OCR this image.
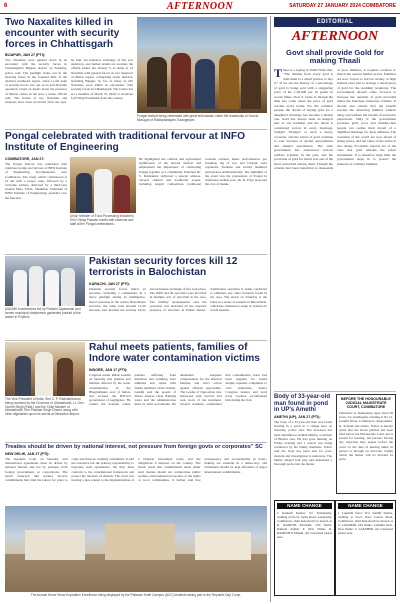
6	AFTERNOON	SATURDAY 27 JANUARY 2024 COIMBATORE
Two Naxalites killed in encounter with security forces in Chhattisgarh
BIJAPUR, JAN 27 (PTI):
Two Naxalites were gunned down in an encounter with the security forces in Chhattisgarh's Bijapur district on Saturday, police said. The gunfight broke out in the morning hours in the forested hills of the district's southwest region, when a joint team of security forces was out on an anti-Naxalite operation, based on inputs about the presence of Maoist cadres in the area, a senior official said. The bodies of two Naxalites and weapons have been recovered from the spot, he said. An intensive exchange of fire was underway, and further details are awaited, the official added. On January 3, as many as 14 Naxalites with general forces on two instances of Bastar region, comprising seven districts, including Bijapur. So far, as many as 245 Naxalites were killed in encounters with security forces in Chhattisgarh. The Centre has set a deadline of March 31, 2026, to eradicate Left Wing Extremism from the country.
Pongal festival being celebrated with great enthusiasm under the leadership of Sooluri Murugan of Rakkiyaalayam, Kaangeyam.
Pongal celebrated with traditional fervour at INFO Institute of Engineering
COIMBATORE, JAN 27:
The Pongal festival was celebrated with traditional pomp and fervour at INFO Institute of Engineering, Kovilpalayam, near Coimbatore. The event, which commenced at 10 am with a prayer song, followed by a welcome address delivered by a third-year student Miss. S.B.K. Shanthini, Chairman of INFO Institute of Engineering, presided over the function.
Union Minister of Food Processing Industries, Shri Chirag Paswan meets with students and staff at the Pongal celebrations.
He highlighted the cultural and agricultural significance of the harvest festival and emphasized the importance of celebrating Pongal together as a community. Principal Dr. S. Ravikumar delivered a special address. Several cultural and traditional events, including rangoli competition, traditional costume contests, music performances, pot breaking, tug of war, and Uriyadi, were organized. Students and faculty members participated enthusiastically. The highlight of the event was the preparation of Pongal in traditional earthen pots. Dr. R. Priya proposed the vote of thanks.
AIADMK functionaries led by Pollachi Jayaraman and former municipal chairperson garlanded portrait of the leader in Pollachi.
Pakistan security forces kill 12 terrorists in Balochistan
KARACHI, JAN 27 (PTI):
Pakistani security forces killed 12 terrorists, including a commander, in a fierce gunfight during an intelligence-based operation in the restive Balochistan province, the army said. Around 15-20 terrorists had attacked the security forces and an intense exchange of fire took place. The ISPR said the terrorists were involved in multiple acts of terrorism in the area. The military spokesperson said the operation was launched on the reported presence of terrorists in Pishin district. Sanitisation operation is being conducted to eliminate any other terrorists found in the area. The attack on Saturday is the latest in a series of assaults in Balochistan, which has witnessed a surge in violence in recent months.
The Vice-President of India, Shri C. P. Radhakrishnan being received by the Governor of Uttarakhand, Lt. Gen. Gurmit Singh (Retd.) and the Chief Minister of Uttarakhand, Shri Pushkar Singh Dhami, along with other dignitaries upon his arrival at Dehradun Airport.
Rahul meets patients, families of Indore water contamination victims
INDORE, JAN 17 (PTI):
Congress leader Rahul Gandhi on Saturday met patients and families affected by the water contamination in the Bhagirathpura area of Indore and accused the BJP-led government of negligence. He visited the hospital where patients suffering from diarrhoea and vomiting were admitted and spoke with family members of the victims. Gandhi said the people of Indore deserve clean drinking water and the administration must be held accountable. He demanded adequate compensation for the affected families and strict action against officials responsible. The Leader of Opposition also interacted with doctors and took stock of the treatment. Several residents complained that contaminated water had been supplied for weeks despite repeated complaints to civic authorities. Senior Congress leaders and local party workers accompanied him during the visit.
Treaties should be driven by national interest, not pressure from foreign govts or corporates" SC
NEW DELHI, JAN 27 (PTI):
The Supreme Court on Saturday said international agreements must be driven by national interest and not by pressure from foreign governments or corporations. The bench observed that treaties involve commitments that bind the nation for years to come and must be carefully scrutinised. It said the executive has the primary responsibility to negotiate such agreements, but they must conform to the constitutional framework and protect the interests of citizens. The court was hearing a plea related to the implementation of a bilateral investment treaty and the obligations it imposes on the country. The bench noted that commitments made under such treaties should not compromise public welfare, environmental protection, or the rights of local communities. It further said that transparency and accountability in treaty-making are essential in a democracy, and Parliament should be kept informed of major international commitments.
The Annual Home Show Exposition Excellence being displayed by the Pallavan Hotel Campus (ACC) students taking part in the Republic Day Comp.
EDITORIAL
AFTERNOON
Govt shall provide Gold for making Thaali
There is a saying in Tamil Nadu that, "The maiden from every gold is with them is a small portion to buy it." If we see the history of a percentage of gold is being sold with a staggering price of Rs. 1.50,000 per 10 grams in recent times. Now it looks as though the time has come when the price of gold reaches every home. For the common people, the dream of buying gold for a daughter's marriage has become a distant one. Gold has always been an integral part of our tradition and the thaali is considered sacred in every marriage. Tonight "mangal" is such a heavy occasion, and the prices of gold continue to soar because of global uncertainties and market speculation. The state government has announced various welfare schemes in the past, and the provision of gold for thaali was one of the most welcomed among them. Though the scheme had been beneficial to thousands of poor families, it requires revision to match the current market prices. Families are now forced to borrow money at high interest rates just to arrange a small piece of gold for the wedding ceremony. The Government should come forward to increase the quantity of gold provided under the marriage assistance scheme. It should also ensure that the benefit reaches the deserving families without delay and without the burden of excessive paperwork. Only if the government provides gold, poor and middle-class people can realise their dream of a dignified marriage for their children. The countries of the world are now afraid of rising prices, and the value of the dollar is also shaky. Economic experts are of the view that gold remains the safest investment. It is therefore high time the government steps in to protect the interests of ordinary families.
Body of 33-year-old man found in pond in UP's Amethi
AMETHI (UP), JAN 27 (PTI):
The body of a 33-year-old man was found floating in a pond in a village here on Saturday, police said. The deceased has been identified as Ashish Mishra, a resident of Bhadar area. He had gone missing on Friday evening and a search was being conducted by his family members. Police said the body has been sent for post-mortem and investigation is underway. The family alleged foul play and demanded a thorough probe into the matter.
BEFORE THE HONOURABLE JUDICIAL MAGISTRATE COURT, COIMBATORE
Petitioner: A. Ramasamy, aged about 62 years, S/o Arumugam, residing at No.14, Gandhi Street, Coimbatore. Respondent: K. Selvam and others. Notice is hereby given that the above petition has been filed before the Honourable Court and is posted for hearing. All persons having any objection may appear before the court on the date of hearing either in person or through an advocate, failing which the matter will be decided ex parte.
NAME CHANGE
I, Ramesh Kumar, S/o Palanisamy, residing at No.12, Sathy Road, Ganapathy, Coimbatore, shall henceforth be known as R. RAMESH KUMAR. Old Name: Ramesh Kumar P. New Name: R. RAMESH KUMAR. All concerned please note.
NAME CHANGE
I, Lakshmi Devi, W/o Senthil Kumar, residing at No.5, Race Course Road, Coimbatore, shall henceforth be known as S. LAKSHMI. Old Name: Lakshmi Devi. New Name: S. LAKSHMI. All concerned please note.
